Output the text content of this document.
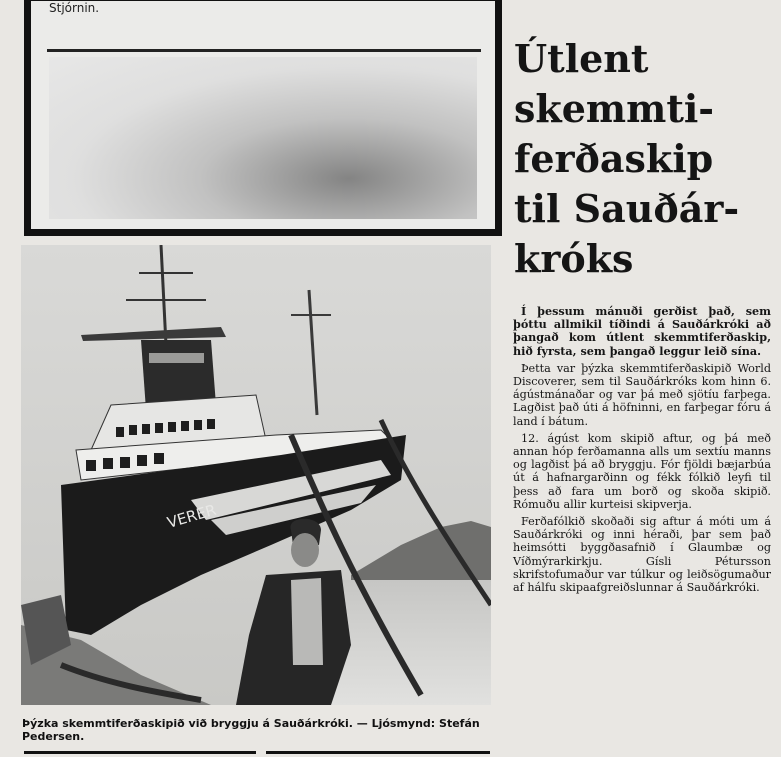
Stjórnin.
Útlent
skemmti-
ferðaskip
til Sauðár-
króks
VERER

Þýzka skemmtiferðaskipið við bryggju á Sauðárkróki. — Ljósmynd: Stefán Pedersen.

Í þessum mánuði gerðist það, sem þóttu allmikil tíðindi á Sauðárkróki að þangað kom útlent skemmtiferðaskip, hið fyrsta, sem þangað leggur leið sína.

Þetta var þýzka skemmtiferðaskipið World Discoverer, sem til Sauðárkróks kom hinn 6. ágústmánaðar og var þá með sjötíu farþega. Lagðist það úti á höfninni, en farþegar fóru á land í bátum.

12. ágúst kom skipið aftur, og þá með annan hóp ferðamanna alls um sextíu manns og lagðist þá að bryggju. Fór fjöldi bæjarbúa út á hafnargarðinn og fékk fólkið leyfi til þess að fara um borð og skoða skipið. Rómuðu allir kurteisi skipverja.

Ferðafólkið skoðaði sig aftur á móti um á Sauðárkróki og inni héraði, þar sem það heimsótti byggðasafnið í Glaumbæ og Víðmýrarkirkju. Gísli Pétursson skrifstofumaður var túlkur og leiðsögumaður af hálfu skipaafgreiðslunnar á Sauðárkróki.
